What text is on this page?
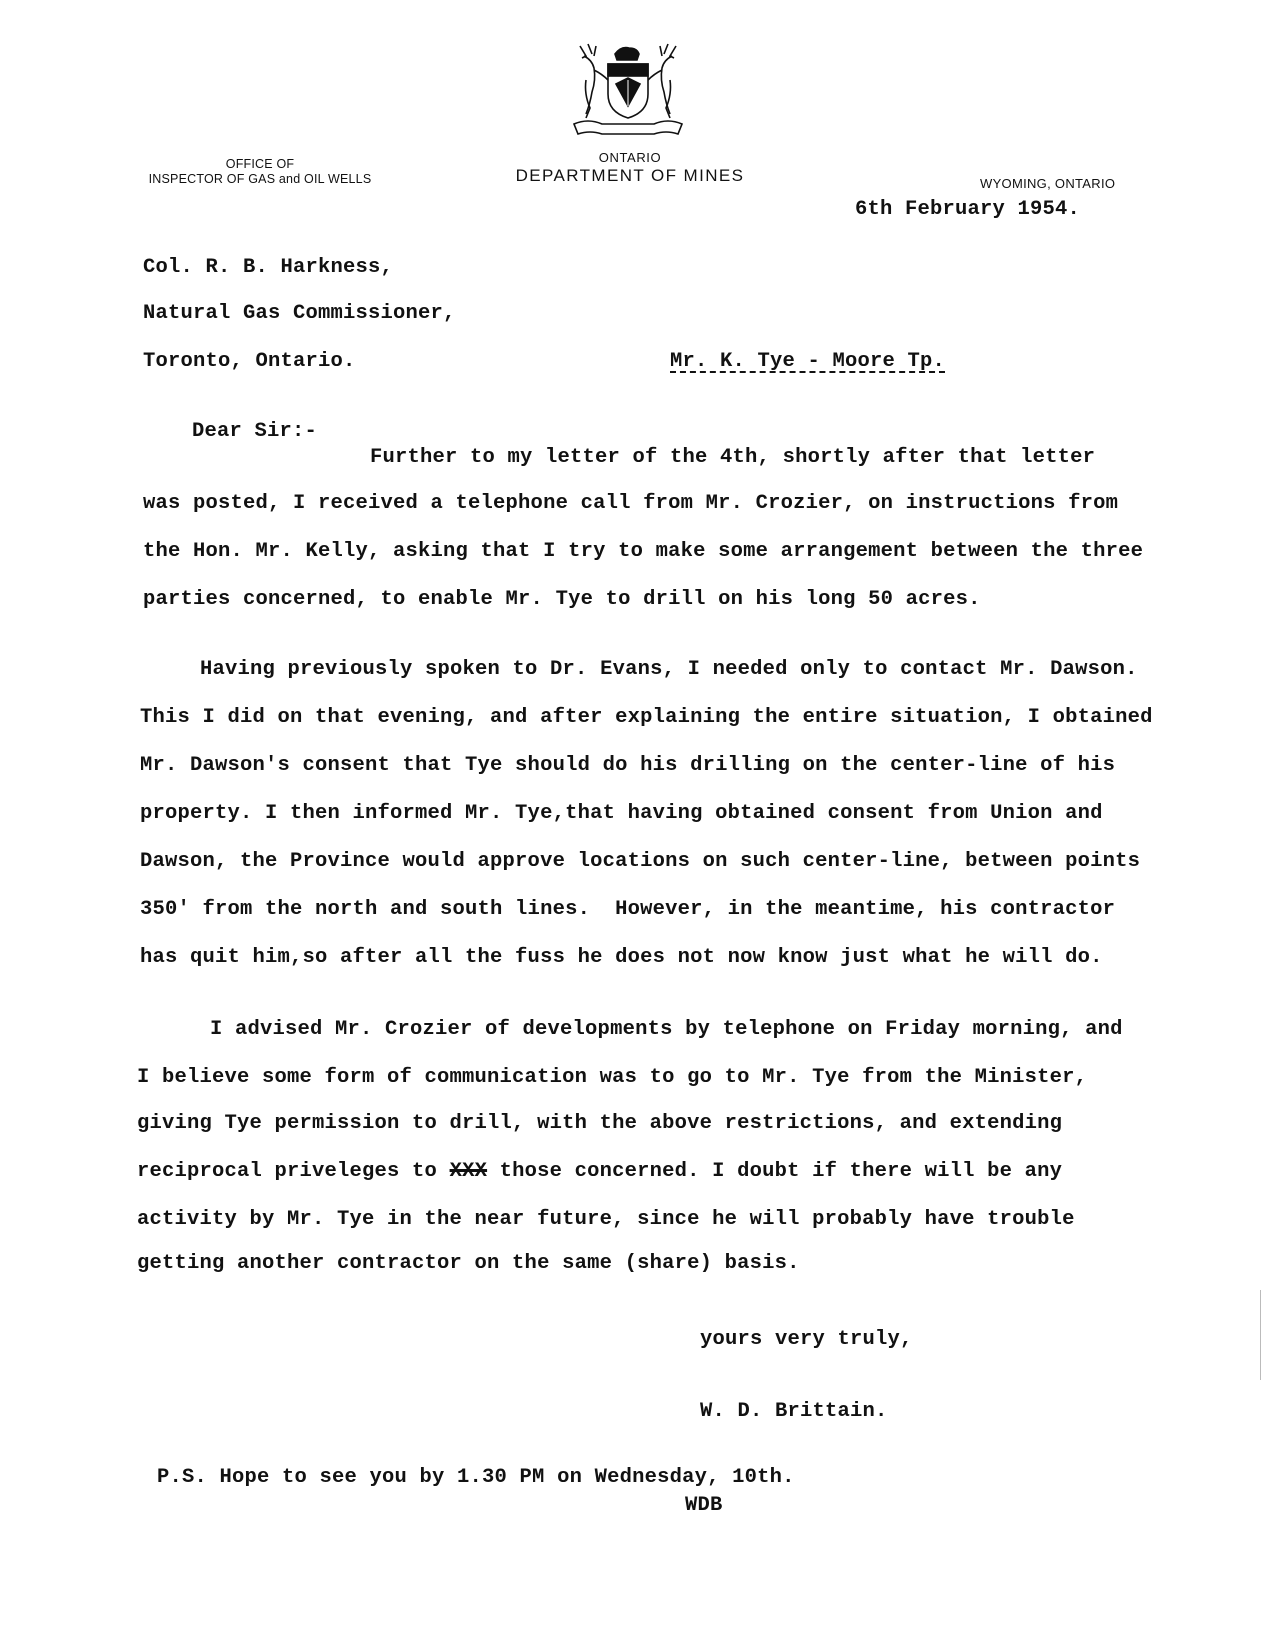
OFFICE OF
INSPECTOR OF GAS and OIL WELLS
ONTARIO
DEPARTMENT OF MINES	WYOMING, ONTARIO
6th February 1954.
Col. R. B. Harkness,
Natural Gas Commissioner,
Toronto, Ontario.	Mr. K. Tye - Moore Tp.
Dear Sir:-
Further to my letter of the 4th, shortly after that letter
was posted, I received a telephone call from Mr. Crozier, on instructions from
the Hon. Mr. Kelly, asking that I try to make some arrangement between the three
parties concerned, to enable Mr. Tye to drill on his long 50 acres.
Having previously spoken to Dr. Evans, I needed only to contact Mr. Dawson.
This I did on that evening, and after explaining the entire situation, I obtained
Mr. Dawson's consent that Tye should do his drilling on the center-line of his
property. I then informed Mr. Tye,that having obtained consent from Union and
Dawson, the Province would approve locations on such center-line, between points
350' from the north and south lines.  However, in the meantime, his contractor
has quit him,so after all the fuss he does not now know just what he will do.
I advised Mr. Crozier of developments by telephone on Friday morning, and
I believe some form of communication was to go to Mr. Tye from the Minister,
giving Tye permission to drill, with the above restrictions, and extending
reciprocal priveleges to XXX those concerned. I doubt if there will be any
activity by Mr. Tye in the near future, since he will probably have trouble
getting another contractor on the same (share) basis.
yours very truly,
W. D. Brittain.
P.S. Hope to see you by 1.30 PM on Wednesday, 10th.
WDB
